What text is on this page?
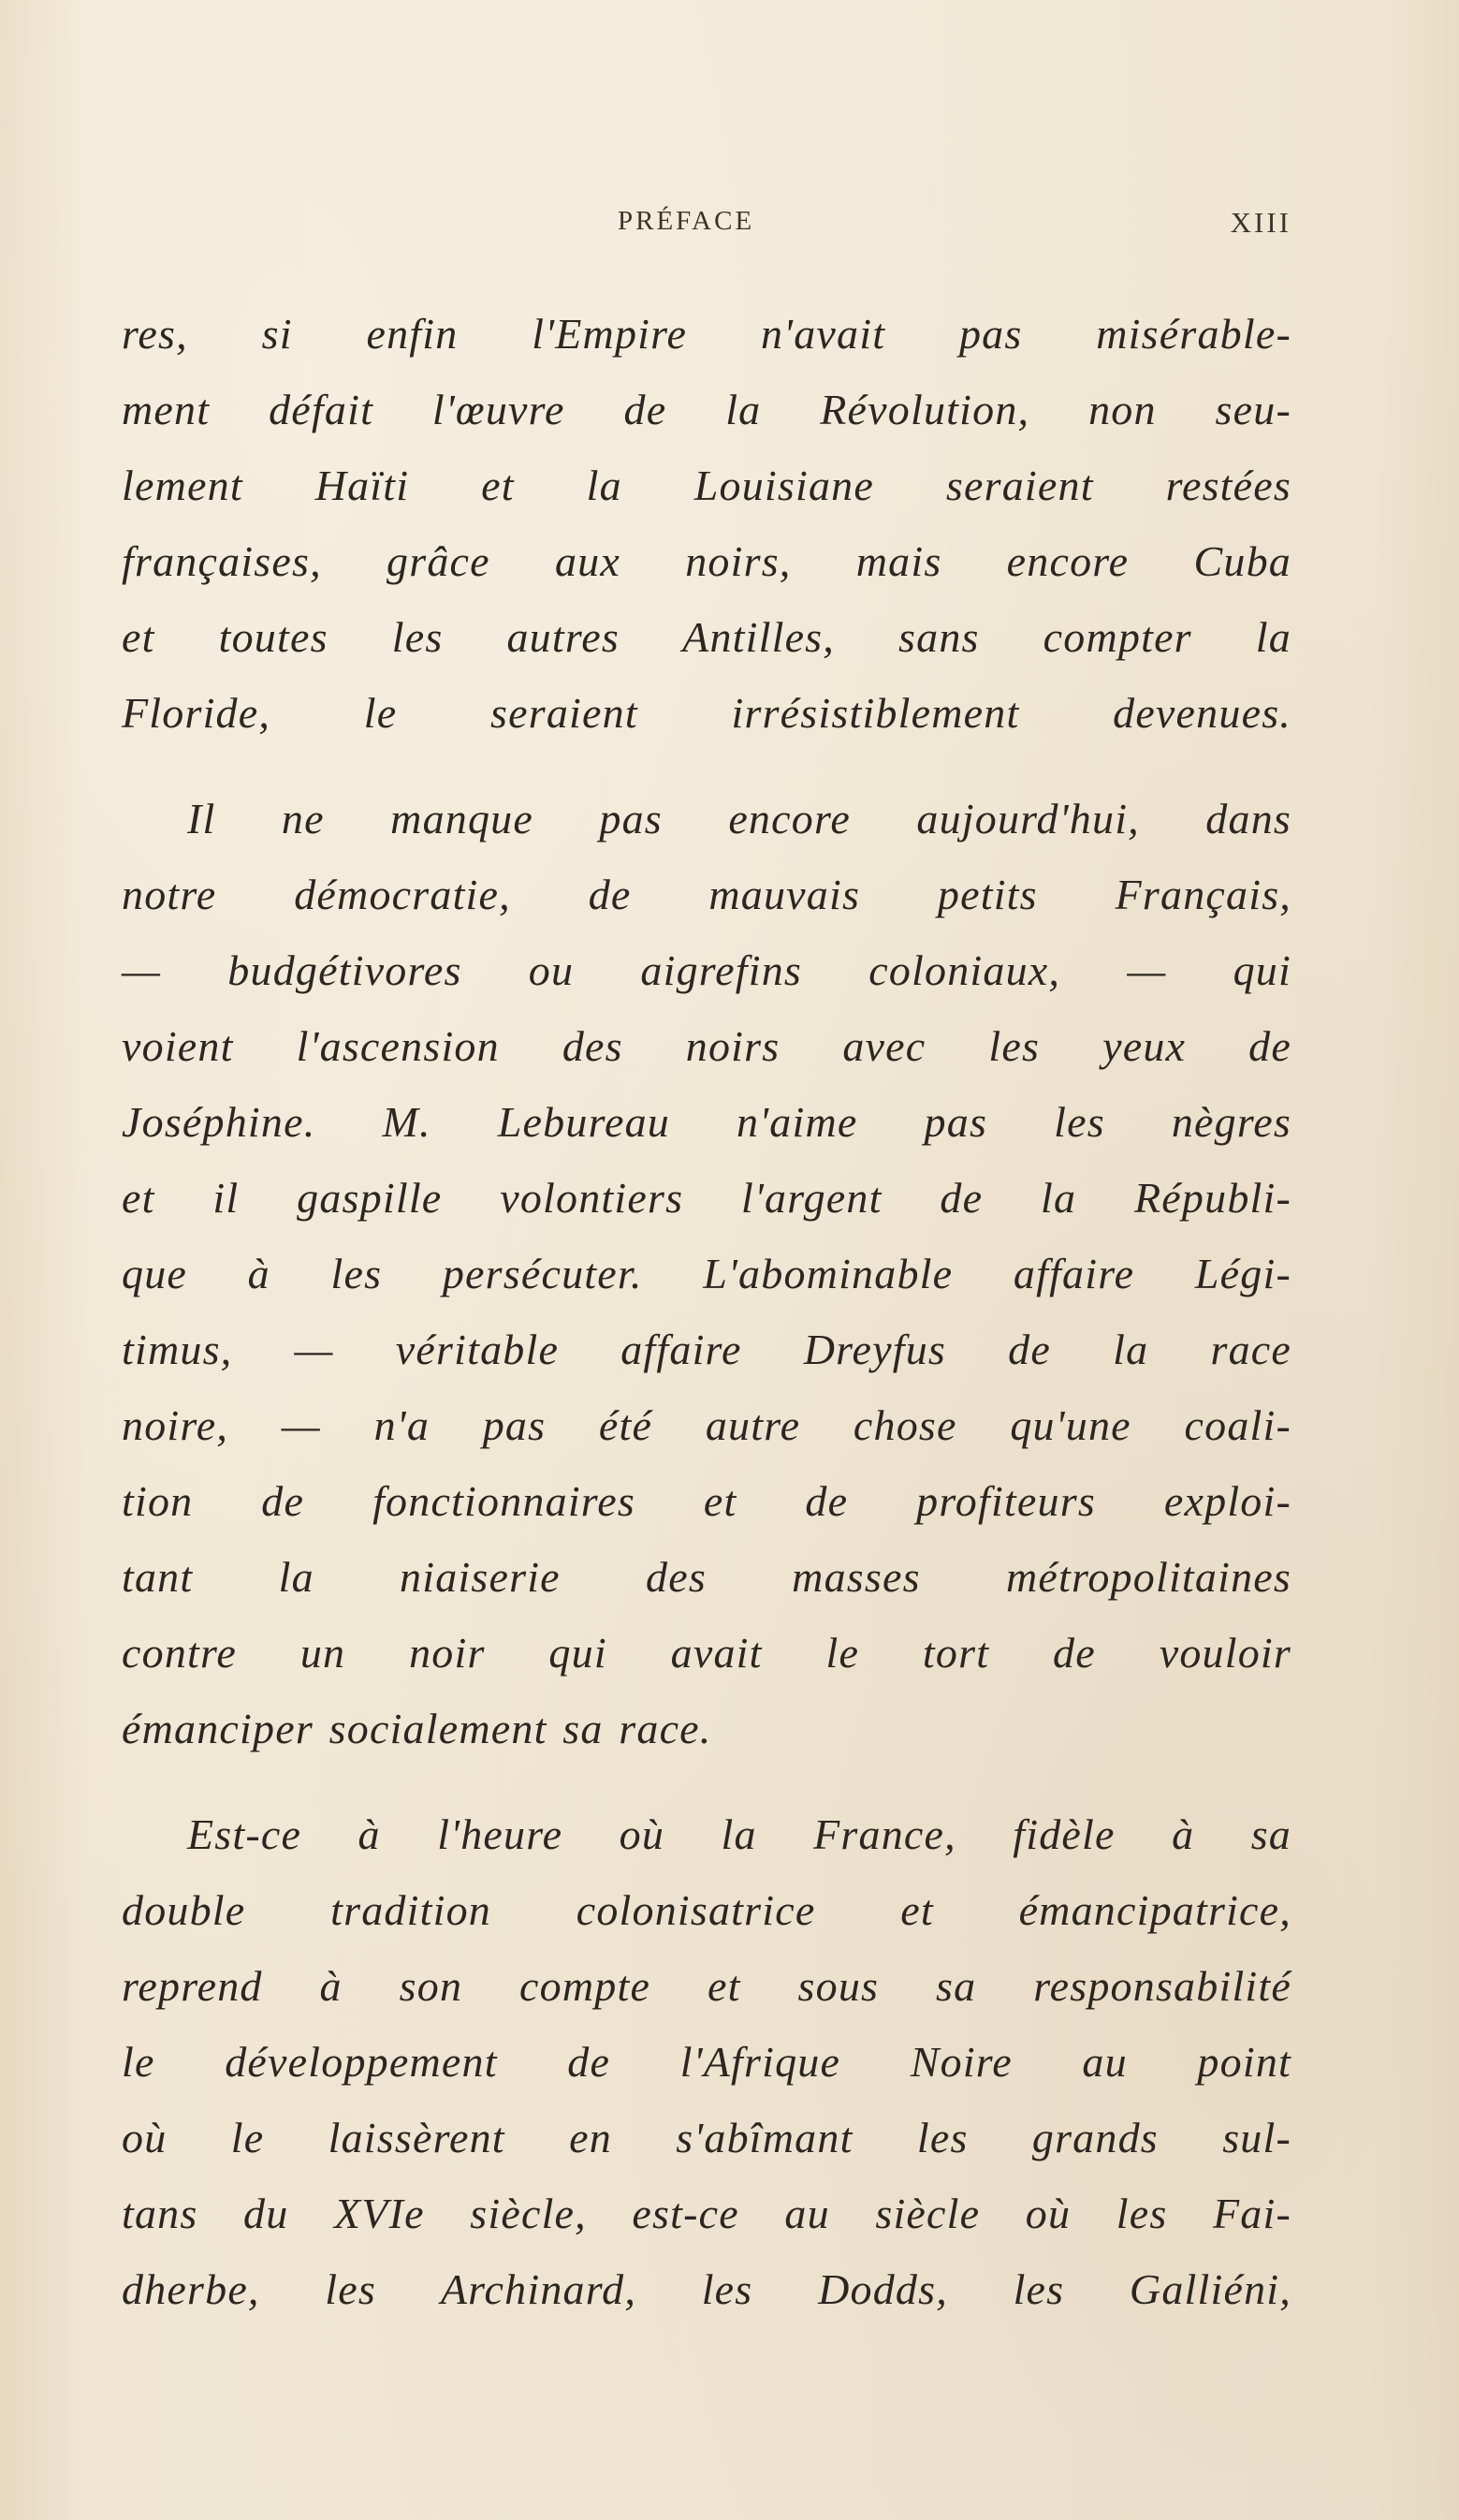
PRÉFACE	XIII
res, si enfin l'Empire n'avait pas misérable-
ment défait l'œuvre de la Révolution, non seu-
lement Haïti et la Louisiane seraient restées
françaises, grâce aux noirs, mais encore Cuba
et toutes les autres Antilles, sans compter la
Floride, le seraient irrésistiblement devenues.
Il ne manque pas encore aujourd'hui, dans
notre démocratie, de mauvais petits Français,
— budgétivores ou aigrefins coloniaux, — qui
voient l'ascension des noirs avec les yeux de
Joséphine. M. Lebureau n'aime pas les nègres
et il gaspille volontiers l'argent de la Républi-
que à les persécuter. L'abominable affaire Légi-
timus, — véritable affaire Dreyfus de la race
noire, — n'a pas été autre chose qu'une coali-
tion de fonctionnaires et de profiteurs exploi-
tant la niaiserie des masses métropolitaines
contre un noir qui avait le tort de vouloir
émanciper socialement sa race.
Est-ce à l'heure où la France, fidèle à sa
double tradition colonisatrice et émancipatrice,
reprend à son compte et sous sa responsabilité
le développement de l'Afrique Noire au point
où le laissèrent en s'abîmant les grands sul-
tans du XVIe siècle, est-ce au siècle où les Fai-
dherbe, les Archinard, les Dodds, les Galliéni,
